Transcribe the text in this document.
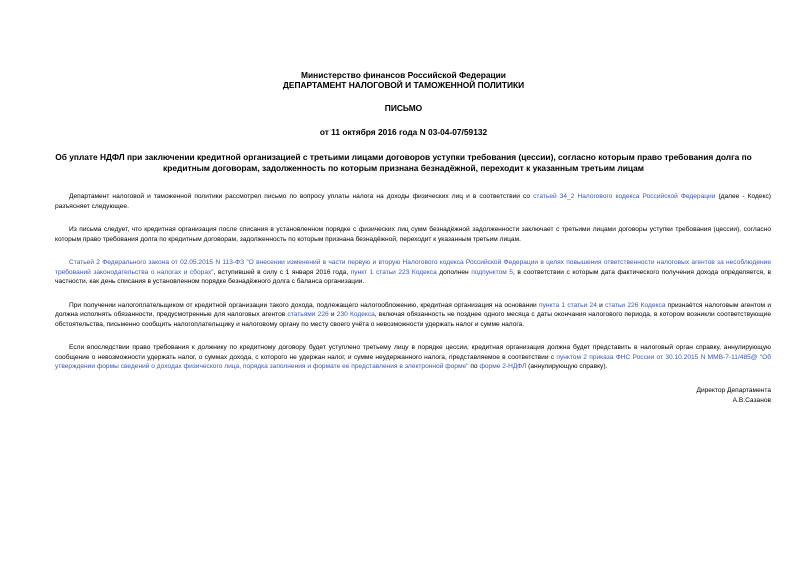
Министерство финансов Российской Федерации
ДЕПАРТАМЕНТ НАЛОГОВОЙ И ТАМОЖЕННОЙ ПОЛИТИКИ
ПИСЬМО
от 11 октября 2016 года N 03-04-07/59132
Об уплате НДФЛ при заключении кредитной организацией с третьими лицами договоров уступки требования (цессии), согласно которым право требования долга по кредитным договорам, задолженность по которым признана безнадёжной, переходит к указанным третьим лицам

Департамент налоговой и таможенной политики рассмотрел письмо по вопросу уплаты налога на доходы физических лиц и в соответствии со статьей 34_2 Налогового кодекса Российской Федерации (далее - Кодекс) разъясняет следующее.

Из письма следует, что кредитная организация после списания в установленном порядке с физических лиц сумм безнадёжной задолженности заключает с третьими лицами договоры уступки требования (цессии), согласно которым право требования долга по кредитным договорам, задолженность по которым признана безнадёжной, переходит к указанным третьим лицам.

Статьей 2 Федерального закона от 02.05.2015 N 113-ФЗ "О внесении изменений в части первую и вторую Налогового кодекса Российской Федерации в целях повышения ответственности налоговых агентов за несоблюдение требований законодательства о налогах и сборах", вступившей в силу с 1 января 2016 года, пункт 1 статьи 223 Кодекса дополнен подпунктом 5, в соответствии с которым дата фактического получения дохода определяется, в частности, как день списания в установленном порядке безнадёжного долга с баланса организации.

При получении налогоплательщиком от кредитной организации такого дохода, подлежащего налогообложению, кредитная организация на основании пункта 1 статьи 24 и статьи 226 Кодекса признаётся налоговым агентом и должна исполнять обязанности, предусмотренные для налоговых агентов статьями 226 и 230 Кодекса, включая обязанность не позднее одного месяца с даты окончания налогового периода, в котором возникли соответствующие обстоятельства, письменно сообщить налогоплательщику и налоговому органу по месту своего учёта о невозможности удержать налог и сумме налога.

Если впоследствии право требования к должнику по кредитному договору будет уступлено третьему лицу в порядке цессии, кредитная организация должна будет представить в налоговый орган справку, аннулирующую сообщение о невозможности удержать налог, о суммах дохода, с которого не удержан налог, и сумме неудержанного налога, представляемое в соответствии с пунктом 2 приказа ФНС России от 30.10.2015 N ММВ-7-11/485@ "Об утверждении формы сведений о доходах физического лица, порядка заполнения и формате ее представления в электронной форме" по форме 2-НДФЛ (аннулирующую справку).

Директор Департамента
А.В.Сазанов
